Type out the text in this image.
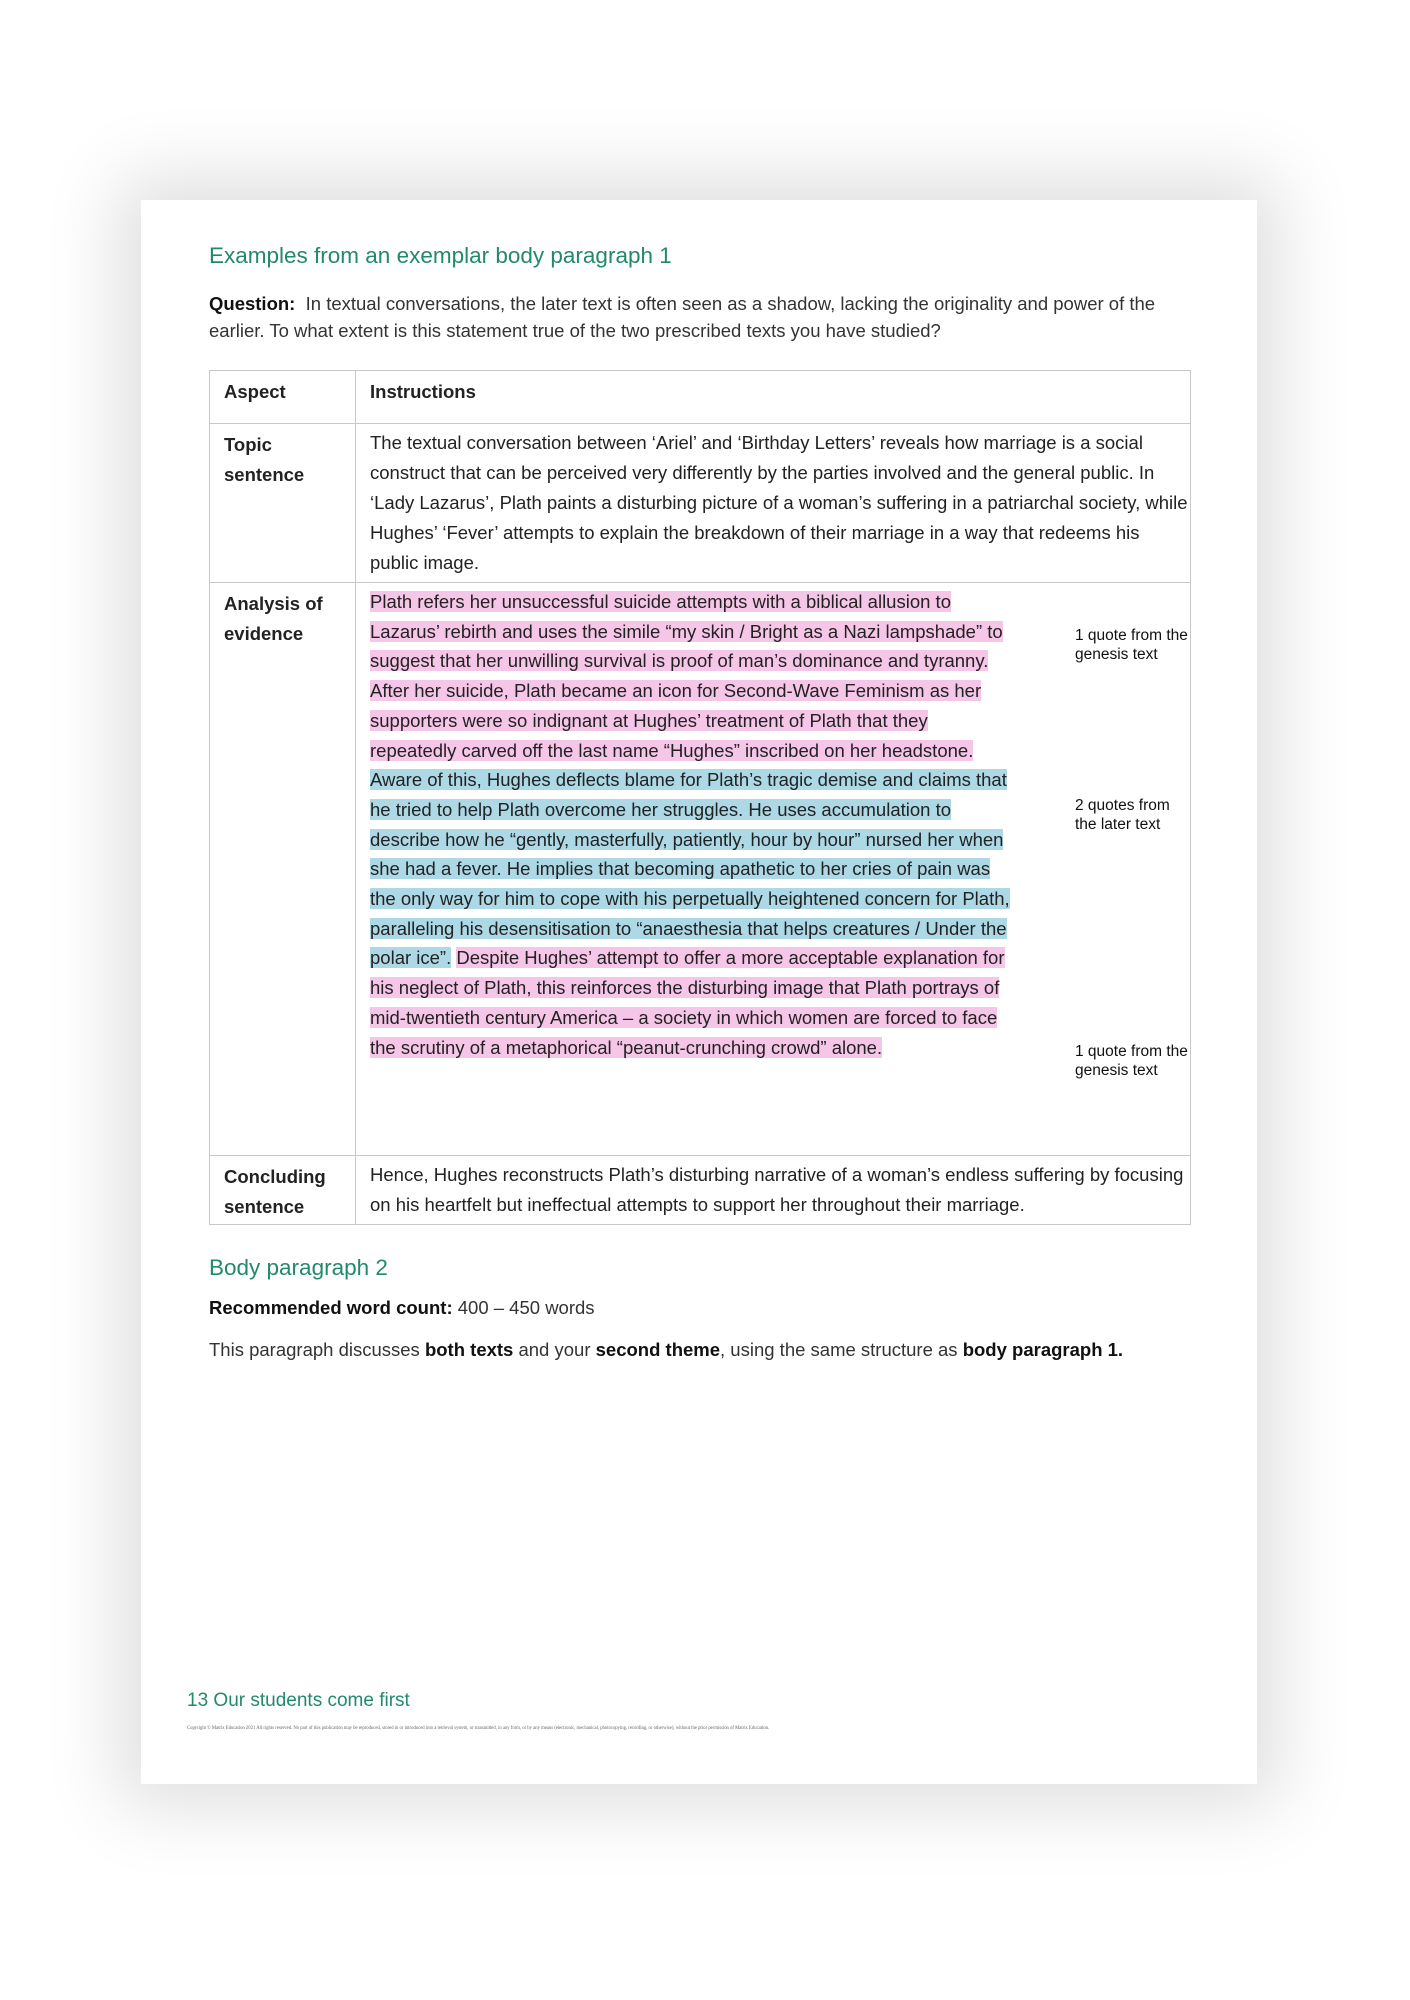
Examples from an exemplar body paragraph 1

Question: In textual conversations, the later text is often seen as a shadow, lacking the originality and power of the earlier. To what extent is this statement true of the two prescribed texts you have studied?

Aspect	Instructions

Topic sentence	The textual conversation between ‘Ariel’ and ‘Birthday Letters’ reveals how marriage is a social construct that can be perceived very differently by the parties involved and the general public. In ‘Lady Lazarus’, Plath paints a disturbing picture of a woman’s suffering in a patriarchal society, while Hughes’ ‘Fever’ attempts to explain the breakdown of their marriage in a way that redeems his public image.

Analysis of evidence	Plath refers her unsuccessful suicide attempts with a biblical allusion to Lazarus’ rebirth and uses the simile “my skin / Bright as a Nazi lampshade” to suggest that her unwilling survival is proof of man’s dominance and tyranny. After her suicide, Plath became an icon for Second-Wave Feminism as her supporters were so indignant at Hughes’ treatment of Plath that they repeatedly carved off the last name “Hughes” inscribed on her headstone. Aware of this, Hughes deflects blame for Plath’s tragic demise and claims that he tried to help Plath overcome her struggles. He uses accumulation to describe how he “gently, masterfully, patiently, hour by hour” nursed her when she had a fever. He implies that becoming apathetic to her cries of pain was the only way for him to cope with his perpetually heightened concern for Plath, paralleling his desensitisation to “anaesthesia that helps creatures / Under the polar ice”. Despite Hughes’ attempt to offer a more acceptable explanation for his neglect of Plath, this reinforces the disturbing image that Plath portrays of mid-twentieth century America – a society in which women are forced to face the scrutiny of a metaphorical “peanut-crunching crowd” alone.
1 quote from the genesis text
2 quotes from the later text
1 quote from the genesis text

Concluding sentence	Hence, Hughes reconstructs Plath’s disturbing narrative of a woman’s endless suffering by focusing on his heartfelt but ineffectual attempts to support her throughout their marriage.
Body paragraph 2

Recommended word count: 400 – 450 words

This paragraph discusses both texts and your second theme, using the same structure as body paragraph 1.

13 Our students come first

Copyright © Matrix Education 2021 All rights reserved. No part of this publication may be reproduced, stored in or introduced into a retrieval system, or transmitted, in any form, or by any means (electronic, mechanical, photocopying, recording, or otherwise), without the prior permission of Matrix Education.
